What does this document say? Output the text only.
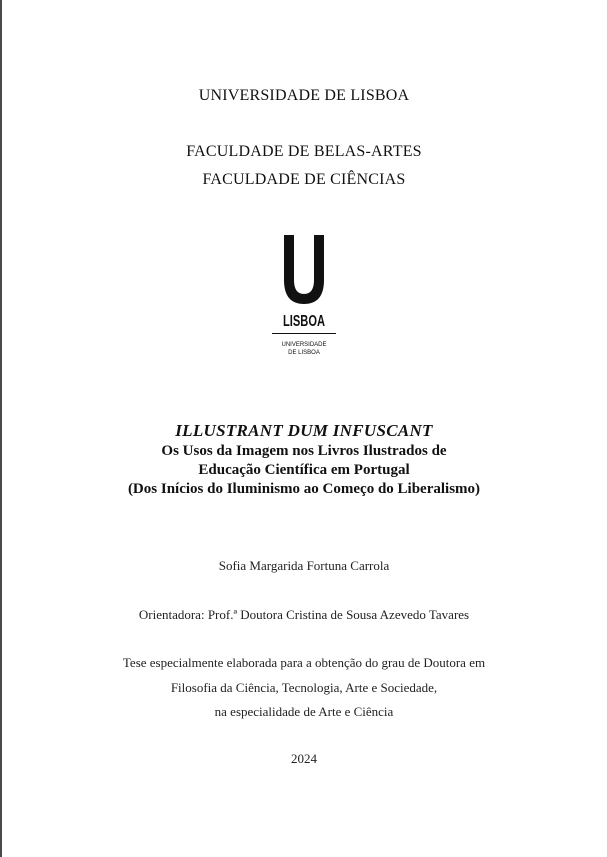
UNIVERSIDADE DE LISBOA
FACULDADE DE BELAS-ARTES
FACULDADE DE CIÊNCIAS
LISBOA
UNIVERSIDADE
DE LISBOA
ILLUSTRANT DUM INFUSCANT
Os Usos da Imagem nos Livros Ilustrados de
Educação Científica em Portugal
(Dos Inícios do Iluminismo ao Começo do Liberalismo)
Sofia Margarida Fortuna Carrola
Orientadora: Prof.ª Doutora Cristina de Sousa Azevedo Tavares
Tese especialmente elaborada para a obtenção do grau de Doutora em
Filosofia da Ciência, Tecnologia, Arte e Sociedade,
na especialidade de Arte e Ciência
2024
